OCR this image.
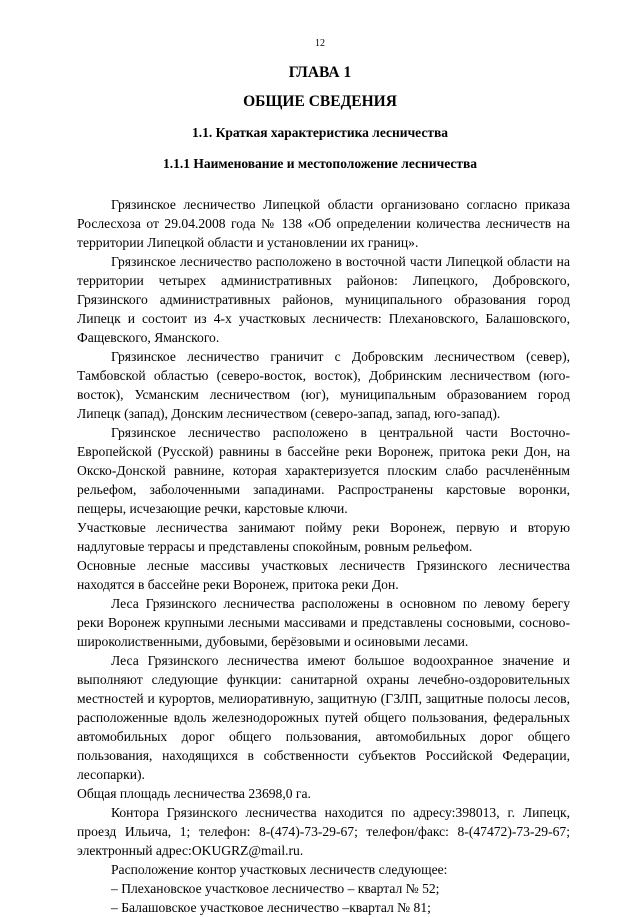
12
ГЛАВА 1
ОБЩИЕ СВЕДЕНИЯ
1.1. Краткая характеристика лесничества
1.1.1 Наименование и местоположение лесничества

Грязинское лесничество Липецкой области организовано согласно приказа Рослесхоза от 29.04.2008 года № 138 «Об определении количества лесничеств на территории Липецкой области и установлении их границ».

Грязинское лесничество расположено в восточной части Липецкой области на территории четырех административных районов: Липецкого, Добровского, Грязинского административных районов, муниципального образования город Липецк и состоит из 4-х участковых лесничеств: Плехановского, Балашовского, Фащевского, Яманского.

Грязинское лесничество граничит с Добровским лесничеством (север), Тамбовской областью (северо-восток, восток), Добринским лесничеством (юго-восток), Усманским лесничеством (юг), муниципальным образованием город Липецк (запад), Донским лесничеством (северо-запад, запад, юго-запад).

Грязинское лесничество расположено в центральной части Восточно-Европейской (Русской) равнины в бассейне реки Воронеж, притока реки Дон, на Окско-Донской равнине, которая характеризуется плоским слабо расчленённым рельефом, заболоченными западинами. Распространены карстовые воронки, пещеры, исчезающие речки, карстовые ключи.

Участковые лесничества занимают пойму реки Воронеж, первую и вторую надлуговые террасы и представлены спокойным, ровным рельефом.

Основные лесные массивы участковых лесничеств Грязинского лесничества находятся в бассейне реки Воронеж, притока реки Дон.

Леса Грязинского лесничества расположены в основном по левому берегу реки Воронеж крупными лесными массивами и представлены сосновыми, сосново-широколиственными, дубовыми, берёзовыми и осиновыми лесами.

Леса Грязинского лесничества имеют большое водоохранное значение и выполняют следующие функции: санитарной охраны лечебно-оздоровительных местностей и курортов, мелиоративную, защитную (ГЗЛП, защитные полосы лесов, расположенные вдоль железнодорожных путей общего пользования, федеральных автомобильных дорог общего пользования, автомобильных дорог общего пользования, находящихся в собственности субъектов Российской Федерации, лесопарки).

Общая площадь лесничества 23698,0 га.

Контора Грязинского лесничества находится по адресу:398013, г. Липецк, проезд Ильича, 1; телефон: 8-(474)-73-29-67; телефон/факс: 8-(47472)-73-29-67; электронный адрес:OKUGRZ@mail.ru.

Расположение контор участковых лесничеств следующее:

– Плехановское участковое лесничество – квартал № 52;

– Балашовское участковое лесничество –квартал № 81;
